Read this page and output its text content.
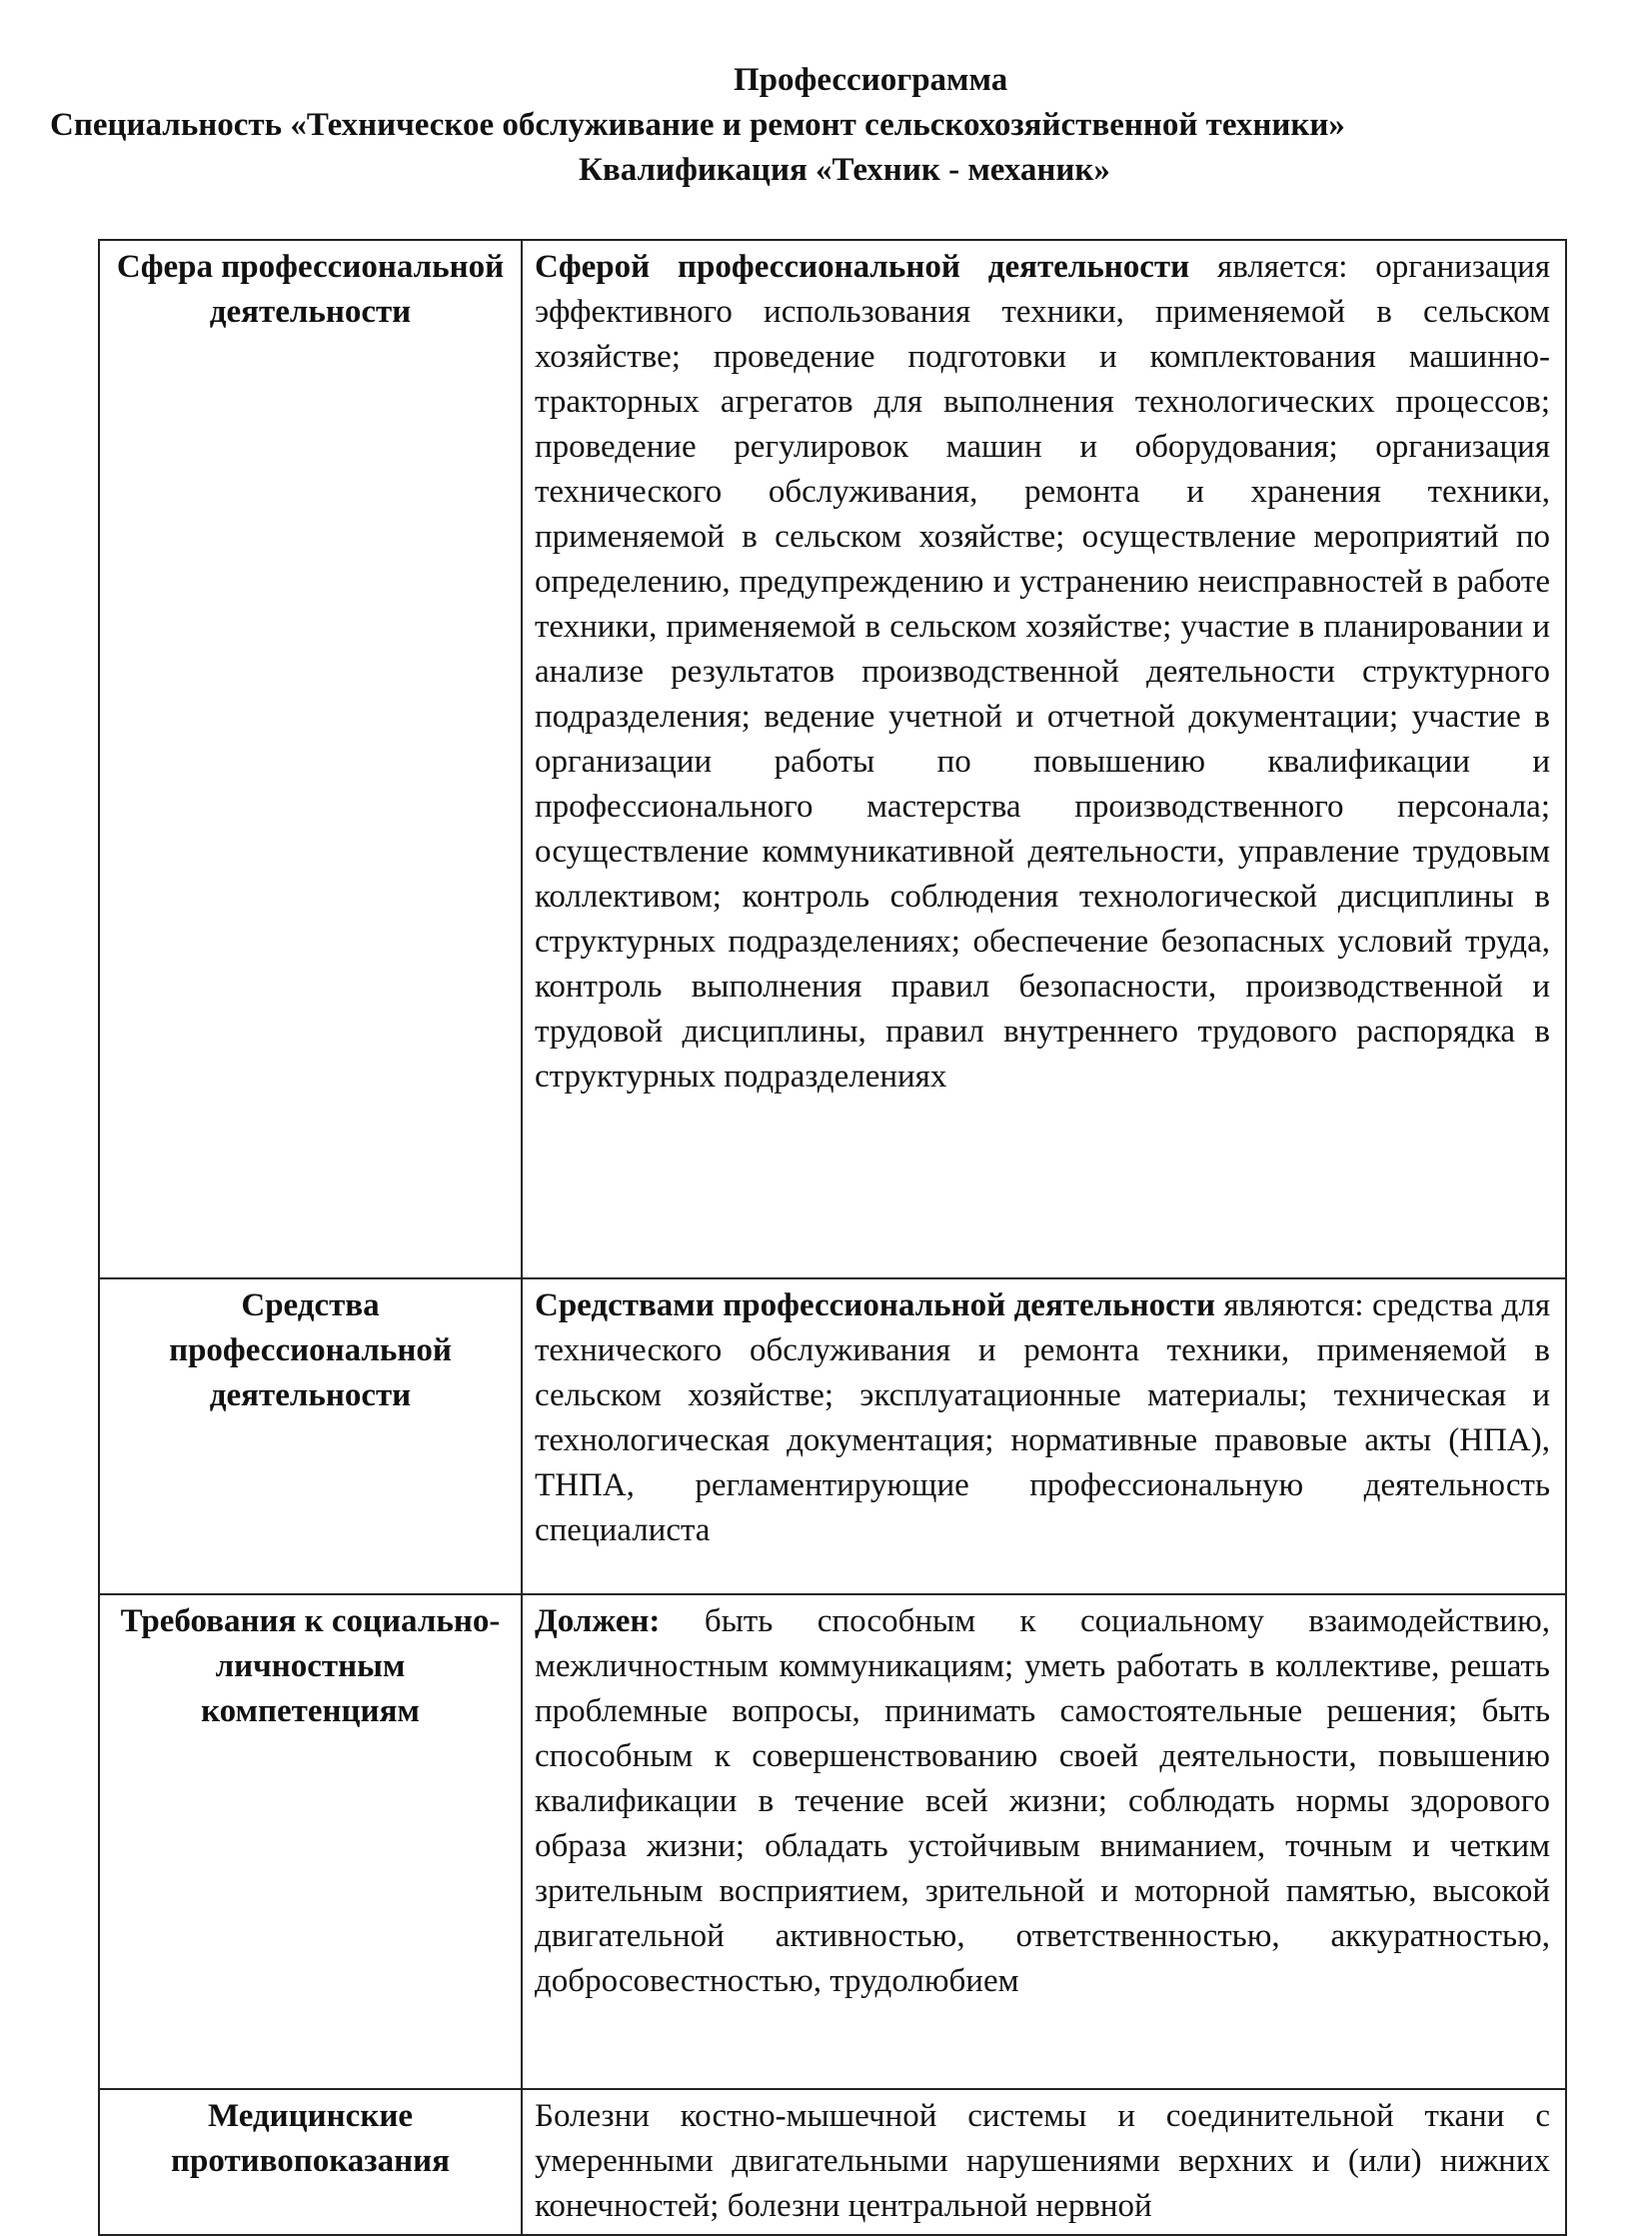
Профессиограмма
Специальность «Техническое обслуживание и ремонт сельскохозяйственной техники»
Квалификация «Техник - механик»
Сфера профессиональной деятельности	Сферой профессиональной деятельности является: организация эффективного использования техники, применяемой в сельском хозяйстве; проведение подготовки и комплектования машинно-тракторных агрегатов для выполнения технологических процессов; проведение регулировок машин и оборудования; организация технического обслуживания, ремонта и хранения техники, применяемой в сельском хозяйстве; осуществление мероприятий по определению, предупреждению и устранению неисправностей в работе техники, применяемой в сельском хозяйстве; участие в планировании и анализе результатов производственной деятельности структурного подразделения; ведение учетной и отчетной документации; участие в организации работы по повышению квалификации и профессионального мастерства производственного персонала; осуществление коммуникативной деятельности, управление трудовым коллективом; контроль соблюдения технологической дисциплины в структурных подразделениях; обеспечение безопасных условий труда, контроль выполнения правил безопасности, производственной и трудовой дисциплины, правил внутреннего трудового распорядка в структурных подразделениях
Средства профессиональной деятельности	Средствами профессиональной деятельности являются: средства для технического обслуживания и ремонта техники, применяемой в сельском хозяйстве; эксплуатационные материалы; техническая и технологическая документация; нормативные правовые акты (НПА), ТНПА, регламентирующие профессиональную деятельность специалиста
Требования к социально-личностным компетенциям	Должен: быть способным к социальному взаимодействию, межличностным коммуникациям; уметь работать в коллективе, решать проблемные вопросы, принимать самостоятельные решения; быть способным к совершенствованию своей деятельности, повышению квалификации в течение всей жизни; соблюдать нормы здорового образа жизни; обладать устойчивым вниманием, точным и четким зрительным восприятием, зрительной и моторной памятью, высокой двигательной активностью, ответственностью, аккуратностью, добросовестностью, трудолюбием
Медицинские противопоказания	Болезни костно-мышечной системы и соединительной ткани с умеренными двигательными нарушениями верхних и (или) нижних конечностей; болезни центральной нервной
